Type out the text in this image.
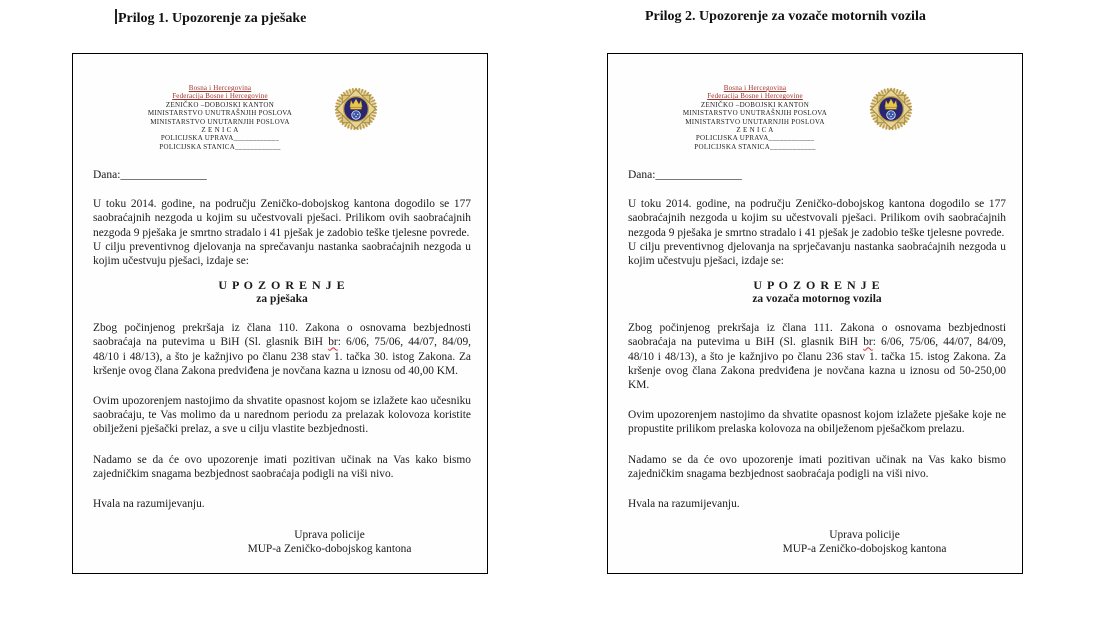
Prilog 1. Upozorenje za pješake	Prilog 2. Upozorenje za vozače motornih vozila
Bosna i Hercegovina
Federacija Bosne i Hercegovine
ZENIČKO –DOBOJSKI KANTON
MINISTARSTVO UNUTRAŠNJIH POSLOVA
MINISTARSTVO UNUTARNJIH POSLOVA
Z E N I C A
POLICIJSKA UPRAVA____________
POLICIJSKA STANICA____________
Dana:_______________

U toku 2014. godine, na području Zeničko-dobojskog kantona dogodilo se 177 saobraćajnih nezgoda u kojim su učestvovali pješaci. Prilikom ovih saobraćajnih nezgoda 9 pješaka je smrtno stradalo i 41 pješak je zadobio teške tjelesne povrede.

U cilju preventivnog djelovanja na sprečavanju nastanka saobraćajnih nezgoda u kojim učestvuju pješaci, izdaje se:

U P O Z O R E N J E
za pješaka

Zbog počinjenog prekršaja iz člana 110. Zakona o osnovama bezbjednosti saobraćaja na putevima u BiH (Sl. glasnik BiH br: 6/06, 75/06, 44/07, 84/09, 48/10 i 48/13), a što je kažnjivo po članu 238 stav 1. tačka 30. istog Zakona. Za kršenje ovog člana Zakona predviđena je novčana kazna u iznosu od 40,00 KM.

Ovim upozorenjem nastojimo da shvatite opasnost kojom se izlažete kao učesniku saobraćaju, te Vas molimo da u narednom periodu za prelazak kolovoza koristite obilježeni pješački prelaz, a sve u cilju vlastite bezbjednosti.

Nadamo se da će ovo upozorenje imati pozitivan učinak na Vas kako bismo zajedničkim snagama bezbjednost saobraćaja podigli na viši nivo.

Hvala na razumijevanju.

Uprava policije
MUP-a Zeničko-dobojskog kantona
Bosna i Hercegovina
Federacija Bosne i Hercegovine
ZENIČKO –DOBOJSKI KANTON
MINISTARSTVO UNUTRAŠNJIH POSLOVA
MINISTARSTVO UNUTARNJIH POSLOVA
Z E N I C A
POLICIJSKA UPRAVA____________
POLICIJSKA STANICA____________
Dana:_______________

U toku 2014. godine, na području Zeničko-dobojskog kantona dogodilo se 177 saobraćajnih nezgoda u kojim su učestvovali pješaci. Prilikom ovih saobraćajnih nezgoda 9 pješaka je smrtno stradalo i 41 pješak je zadobio teške tjelesne povrede.

U cilju preventivnog djelovanja na sprječavanju nastanka saobraćajnih nezgoda u kojim učestvuju pješaci, izdaje se:

U P O Z O R E N J E
za vozača motornog vozila

Zbog počinjenog prekršaja iz člana 111. Zakona o osnovama bezbjednosti saobraćaja na putevima u BiH (Sl. glasnik BiH br: 6/06, 75/06, 44/07, 84/09, 48/10 i 48/13), a što je kažnjivo po članu 236 stav 1. tačka 15. istog Zakona. Za kršenje ovog člana Zakona predviđena je novčana kazna u iznosu od 50-250,00 KM.

Ovim upozorenjem nastojimo da shvatite opasnost kojom izlažete pješake koje ne propustite prilikom prelaska kolovoza na obilježenom pješačkom prelazu.

Nadamo se da će ovo upozorenje imati pozitivan učinak na Vas kako bismo zajedničkim snagama bezbjednost saobraćaja podigli na viši nivo.

Hvala na razumijevanju.

Uprava policije
MUP-a Zeničko-dobojskog kantona
